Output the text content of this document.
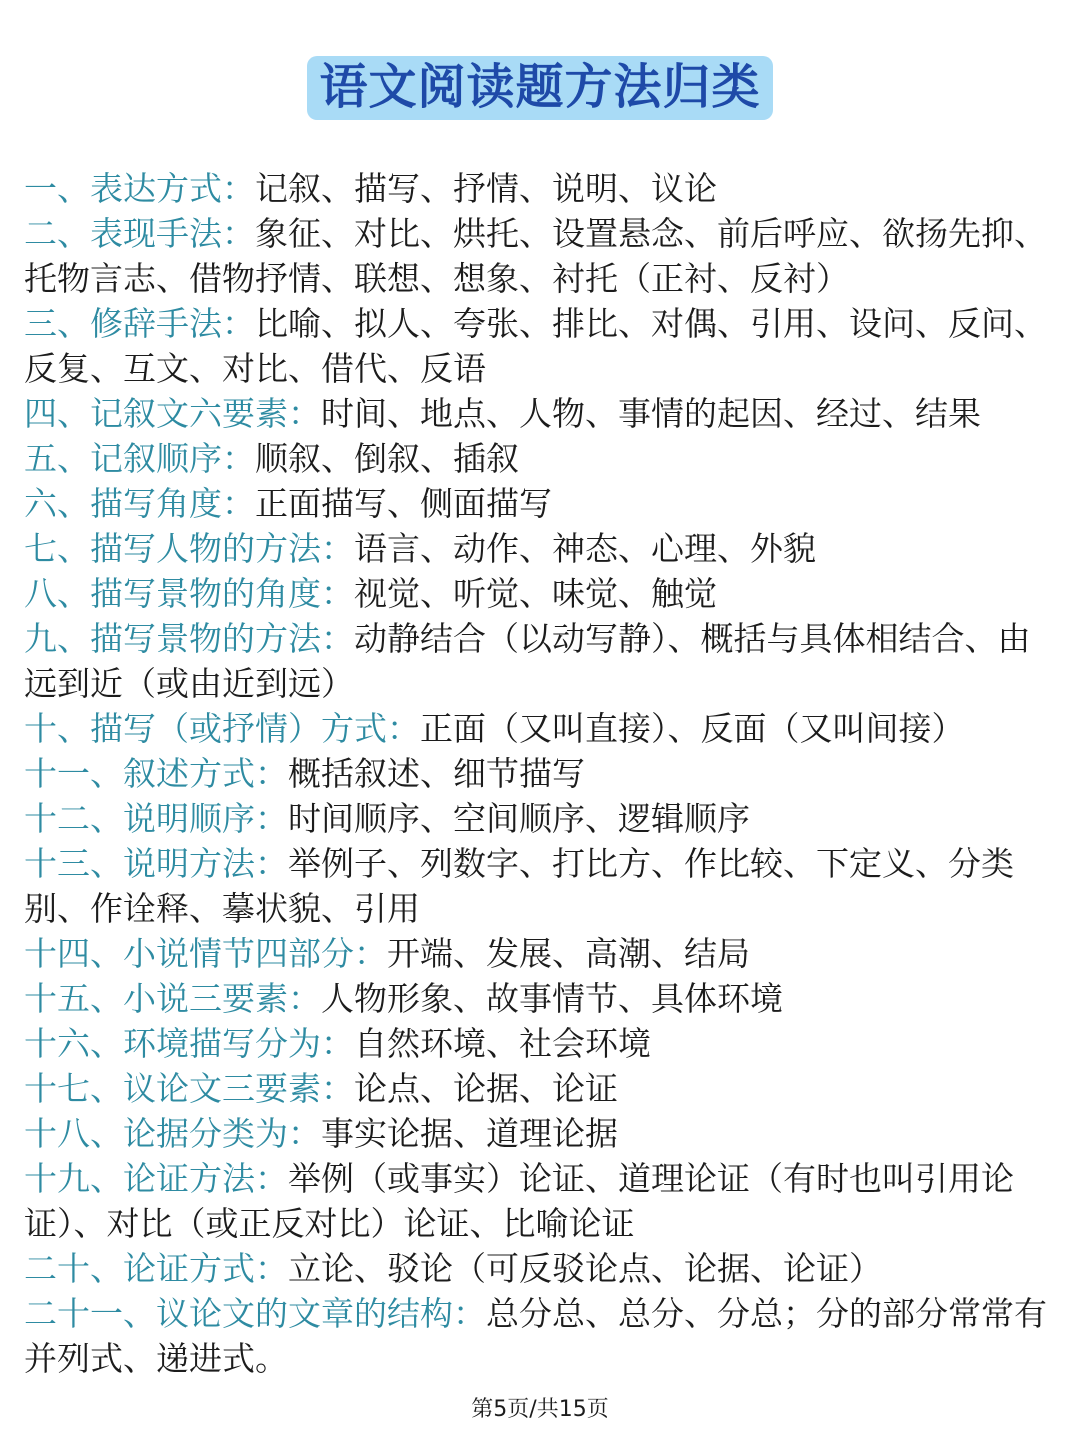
语文阅读题方法归类

一、表达方式：记叙、描写、抒情、说明、议论

二、表现手法：象征、对比、烘托、设置悬念、前后呼应、欲扬先抑、托物言志、借物抒情、联想、想象、衬托（正衬、反衬）

三、修辞手法：比喻、拟人、夸张、排比、对偶、引用、设问、反问、反复、互文、对比、借代、反语

四、记叙文六要素：时间、地点、人物、事情的起因、经过、结果

五、记叙顺序：顺叙、倒叙、插叙

六、描写角度：正面描写、侧面描写

七、描写人物的方法：语言、动作、神态、心理、外貌

八、描写景物的角度：视觉、听觉、味觉、触觉

九、描写景物的方法：动静结合（以动写静）、概括与具体相结合、由远到近（或由近到远）

十、描写（或抒情）方式：正面（又叫直接）、反面（又叫间接）

十一、叙述方式：概括叙述、细节描写

十二、说明顺序：时间顺序、空间顺序、逻辑顺序

十三、说明方法：举例子、列数字、打比方、作比较、下定义、分类别、作诠释、摹状貌、引用

十四、小说情节四部分：开端、发展、高潮、结局

十五、小说三要素：人物形象、故事情节、具体环境

十六、环境描写分为：自然环境、社会环境

十七、议论文三要素：论点、论据、论证

十八、论据分类为：事实论据、道理论据

十九、论证方法：举例（或事实）论证、道理论证（有时也叫引用论证）、对比（或正反对比）论证、比喻论证

二十、论证方式：立论、驳论（可反驳论点、论据、论证）

二十一、议论文的文章的结构：总分总、总分、分总；分的部分常常有并列式、递进式。

第5页/共15页
